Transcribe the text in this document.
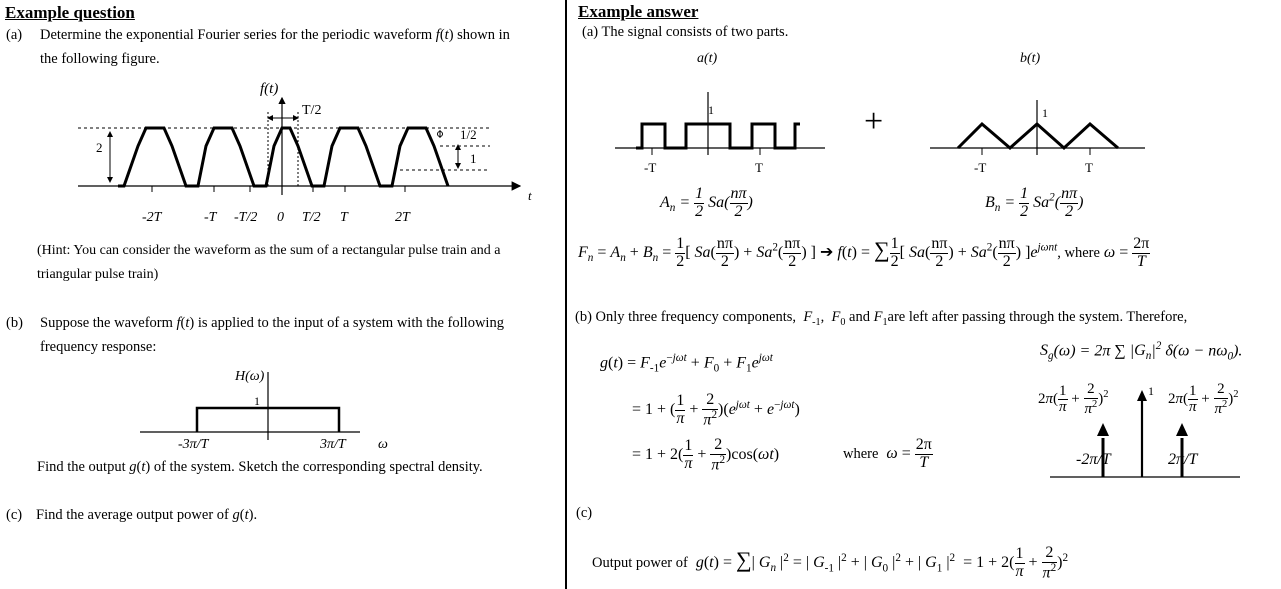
Example question
(a) Determine the exponential Fourier series for the periodic waveform f(t) shown in
the following figure.
f(t)
T/2
2
1/2
1
t
-2T	-T -T/2 0 T/2 T	2T
(Hint: You can consider the waveform as the sum of a rectangular pulse train and a
triangular pulse train)
(b) Suppose the waveform f(t) is applied to the input of a system with the following
frequency response:
H(ω)
1
-3π/T	3π/T ω
Find the output g(t) of the system. Sketch the corresponding spectral density.
(c) Find the average output power of g(t).
Example answer
(a) The signal consists of two parts.
a(t)	b(t)
1	1
-T	T	-T	T
+
$A_n = \frac{1}{2} Sa( \frac{n\pi}{2}$ )	$B_n = \frac{1}{2} Sa^2( \frac{n\pi}{2}$ )
$F_n = A_n + B_n = \frac{1}{2}$ [ $Sa( \frac{n\pi}{2}$ ) + $Sa^2( \frac{n\pi}{2}$ ) ] ➔ f(t) = ∑ $\frac{1}{2}$ [ $Sa( \frac{n\pi}{2}$ ) + $Sa^2( \frac{n\pi}{2}$ ) ]$e^{j\omega nt}$, where $\omega = \frac{2\pi}{T}$
(b) Only three frequency components, $F_{-1}$,  $F_0$ and $F_1are$ left after passing through the system. Therefore,
$S_g(\omega) = 2\pi$ ∑ $|G_n|^2$ $\delta(\omega - n\omega_0)$.
$g(t) = F_{-1}e^{-j\omega t} + F_0 + F_1e^{j\omega t}$
= 1 + ( $\frac{1}{\pi} + \frac{2}{\pi^2} )(e^{j\omega t} + e^{-j\omega t})$
= $1 + 2( \frac{1}{\pi} + \frac{2}{\pi^2} )\cos(\omega t)$	where $\omega = \frac{2\pi}{T}$
$2\pi( \frac{1}{\pi} + \frac{2}{\pi^2} )^2$	1
$2\pi( \frac{1}{\pi} + \frac{2}{\pi^2} )^2$
-2π/T	2π/T
(c)
Output power of g(t) = ∑| $G_n$ $|^2$ = | $G_{-1}$ $|^2$ + | $G_0$ $|^2$ + | $G_1$ $|^2 = 1 + 2( \frac{1}{\pi} + \frac{2}{\pi^2} )^2$
